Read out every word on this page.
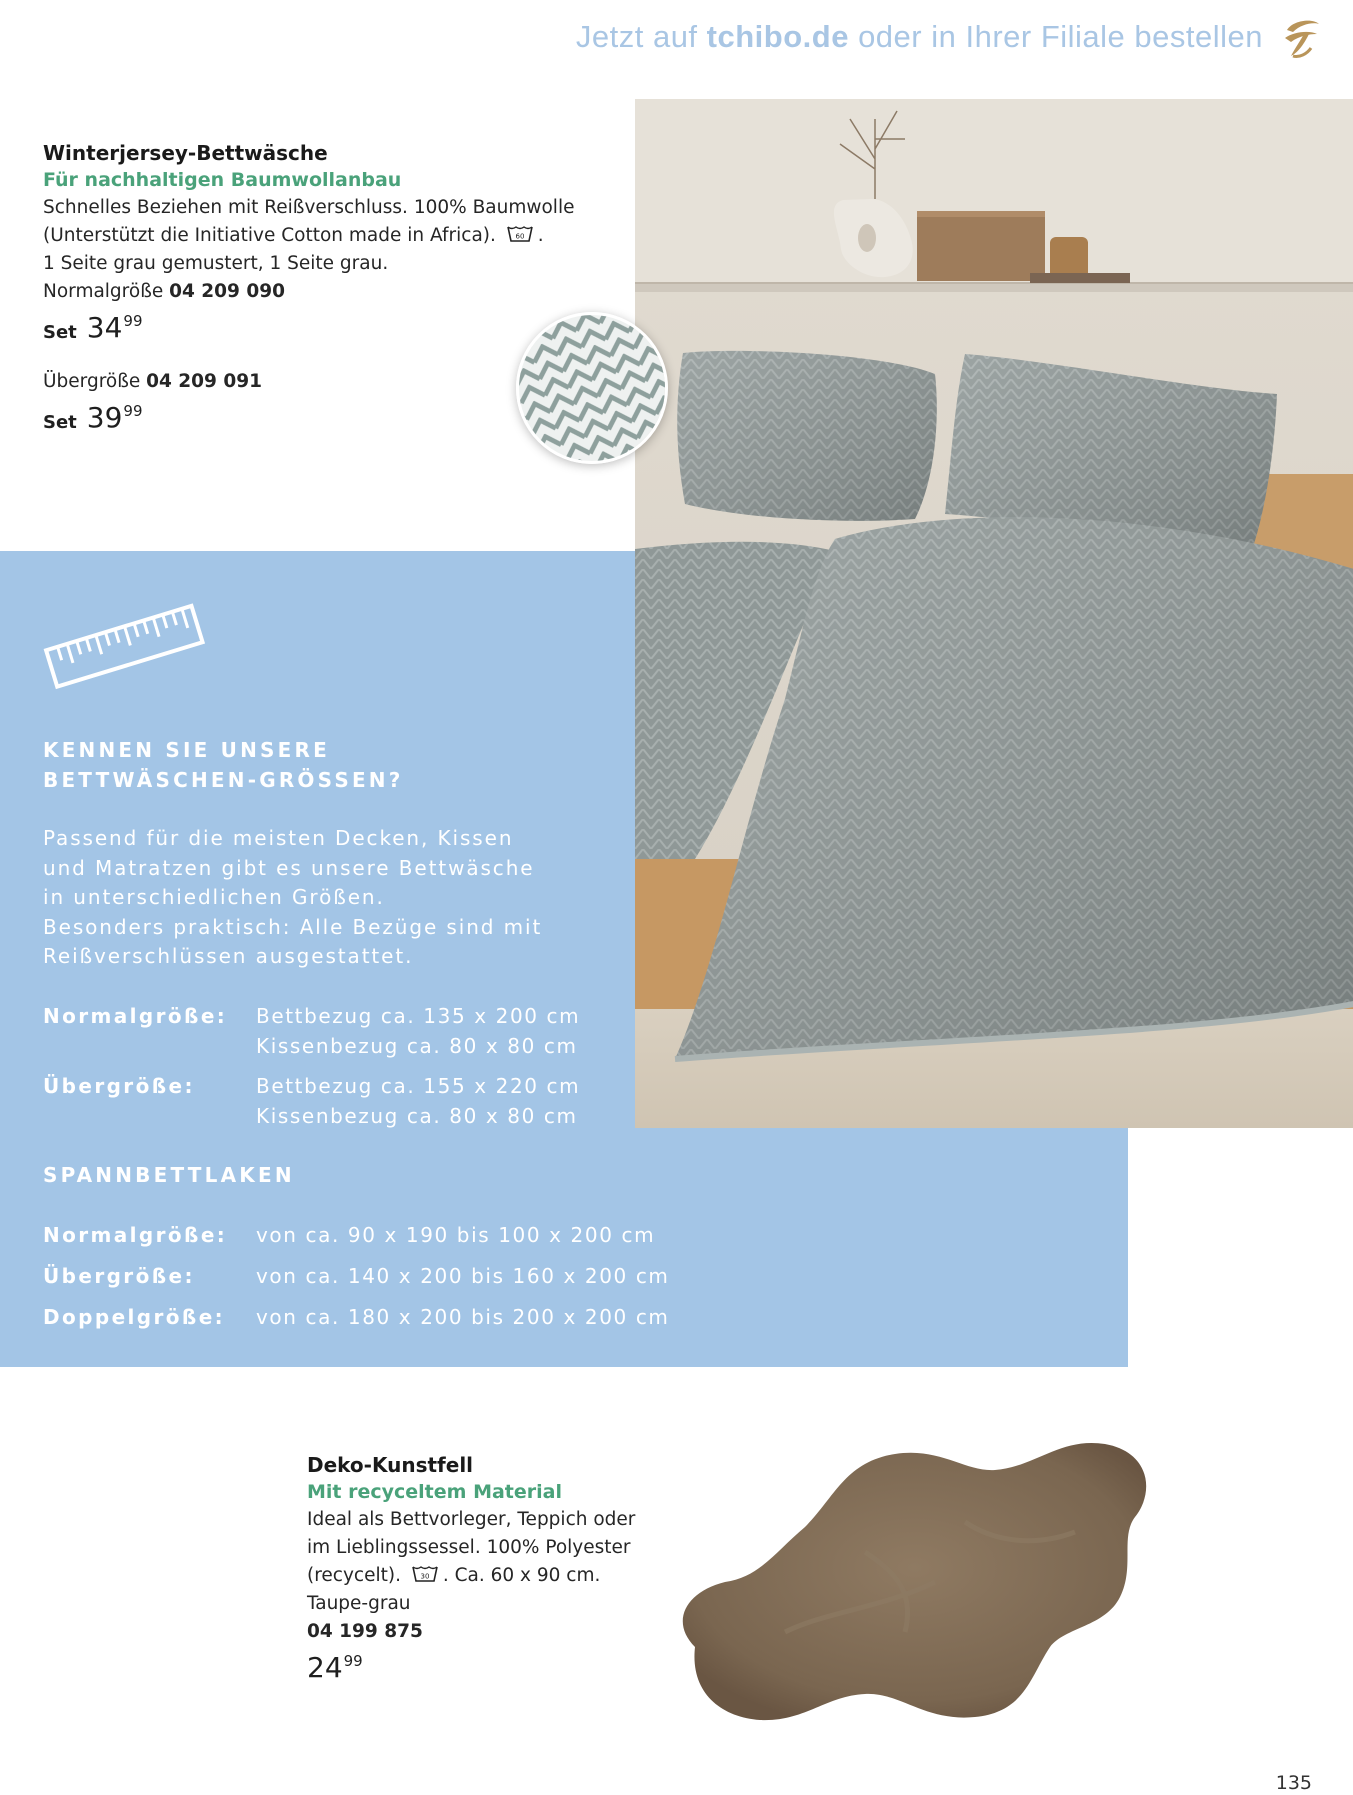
Jetzt auf tchibo.de oder in Ihrer Filiale bestellen
Winterjersey-Bettwäsche
Für nachhaltigen Baumwollanbau
Schnelles Beziehen mit Reißverschluss. 100% Baumwolle
(Unterstützt die Initiative Cotton made in Africa).	60 .
1 Seite grau gemustert, 1 Seite grau.
Normalgröße 04 209 090
Set 34 99
Übergröße 04 209 091
Set 39 99
KENNEN SIE UNSERE
BETTWÄSCHEN-GRÖSSEN?
Passend für die meisten Decken, Kissen
und Matratzen gibt es unsere Bettwäsche
in unterschiedlichen Größen.
Besonders praktisch: Alle Bezüge sind mit
Reißverschlüssen ausgestattet.
Normalgröße: Bettbezug ca. 135 x 200 cm
Kissenbezug ca. 80 x 80 cm
Übergröße:	Bettbezug ca. 155 x 220 cm
Kissenbezug ca. 80 x 80 cm
SPANNBETTLAKEN
Normalgröße: von ca. 90 x 190 bis 100 x 200 cm
Übergröße:	von ca. 140 x 200 bis 160 x 200 cm
Doppelgröße: von ca. 180 x 200 bis 200 x 200 cm
Deko-Kunstfell
Mit recyceltem Material
Ideal als Bettvorleger, Teppich oder
im Lieblingssessel. 100% Polyester
(recycelt).	30 . Ca. 60 x 90 cm.
Taupe-grau
04 199 875
24 99
135
